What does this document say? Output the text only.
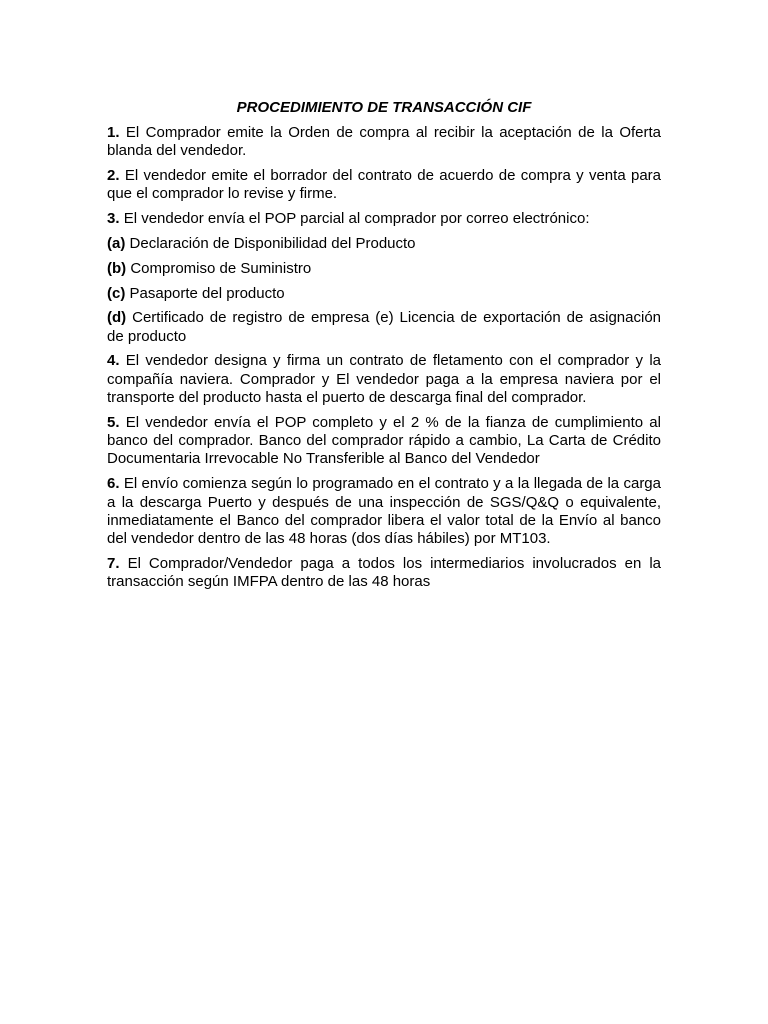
PROCEDIMIENTO DE TRANSACCIÓN CIF
1. El Comprador emite la Orden de compra al recibir la aceptación de la Oferta blanda del vendedor.
2. El vendedor emite el borrador del contrato de acuerdo de compra y venta para que el comprador lo revise y firme.
3. El vendedor envía el POP parcial al comprador por correo electrónico:
(a) Declaración de Disponibilidad del Producto
(b) Compromiso de Suministro
(c) Pasaporte del producto
(d) Certificado de registro de empresa (e) Licencia de exportación de asignación de producto
4. El vendedor designa y firma un contrato de fletamento con el comprador y la compañía naviera. Comprador y El vendedor paga a la empresa naviera por el transporte del producto hasta el puerto de descarga final del comprador.
5. El vendedor envía el POP completo y el 2 % de la fianza de cumplimiento al banco del comprador. Banco del comprador rápido a cambio, La Carta de Crédito Documentaria Irrevocable No Transferible al Banco del Vendedor
6. El envío comienza según lo programado en el contrato y a la llegada de la carga a la descarga Puerto y después de una inspección de SGS/Q&Q o equivalente, inmediatamente el Banco del comprador libera el valor total de la Envío al banco del vendedor dentro de las 48 horas (dos días hábiles) por MT103.
7. El Comprador/Vendedor paga a todos los intermediarios involucrados en la transacción según IMFPA dentro de las 48 horas
